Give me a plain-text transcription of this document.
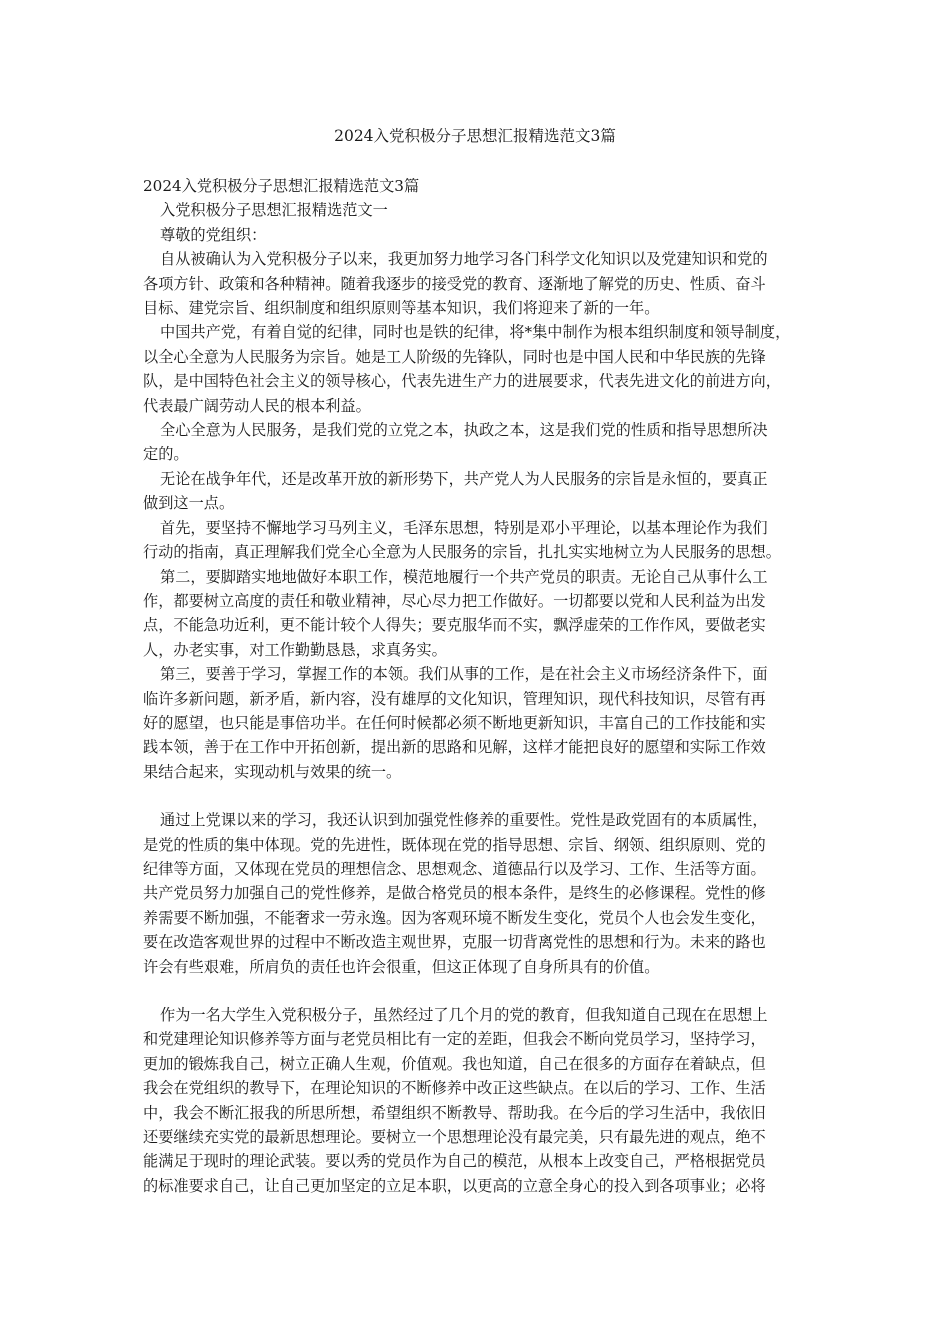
2024入党积极分子思想汇报精选范文3篇

2024入党积极分子思想汇报精选范文3篇

入党积极分子思想汇报精选范文一

尊敬的党组织：

自从被确认为入党积极分子以来，我更加努力地学习各门科学文化知识以及党建知识和党的

各项方针、政策和各种精神。随着我逐步的接受党的教育、逐渐地了解党的历史、性质、奋斗

目标、建党宗旨、组织制度和组织原则等基本知识，我们将迎来了新的一年。

中国共产党，有着自觉的纪律，同时也是铁的纪律，将*集中制作为根本组织制度和领导制度，

以全心全意为人民服务为宗旨。她是工人阶级的先锋队，同时也是中国人民和中华民族的先锋

队，是中国特色社会主义的领导核心，代表先进生产力的进展要求，代表先进文化的前进方向，

代表最广阔劳动人民的根本利益。

全心全意为人民服务，是我们党的立党之本，执政之本，这是我们党的性质和指导思想所决

定的。

无论在战争年代，还是改革开放的新形势下，共产党人为人民服务的宗旨是永恒的，要真正

做到这一点。

首先，要坚持不懈地学习马列主义，毛泽东思想，特别是邓小平理论，以基本理论作为我们

行动的指南，真正理解我们党全心全意为人民服务的宗旨，扎扎实实地树立为人民服务的思想。

第二，要脚踏实地地做好本职工作，模范地履行一个共产党员的职责。无论自己从事什么工

作，都要树立高度的责任和敬业精神，尽心尽力把工作做好。一切都要以党和人民利益为出发

点，不能急功近利，更不能计较个人得失；要克服华而不实，飘浮虚荣的工作作风，要做老实

人，办老实事，对工作勤勤恳恳，求真务实。

第三，要善于学习，掌握工作的本领。我们从事的工作，是在社会主义市场经济条件下，面

临许多新问题，新矛盾，新内容，没有雄厚的文化知识，管理知识，现代科技知识，尽管有再

好的愿望，也只能是事倍功半。在任何时候都必须不断地更新知识，丰富自己的工作技能和实

践本领，善于在工作中开拓创新，提出新的思路和见解，这样才能把良好的愿望和实际工作效

果结合起来，实现动机与效果的统一。

通过上党课以来的学习，我还认识到加强党性修养的重要性。党性是政党固有的本质属性，

是党的性质的集中体现。党的先进性，既体现在党的指导思想、宗旨、纲领、组织原则、党的

纪律等方面，又体现在党员的理想信念、思想观念、道德品行以及学习、工作、生活等方面。

共产党员努力加强自己的党性修养，是做合格党员的根本条件，是终生的必修课程。党性的修

养需要不断加强，不能奢求一劳永逸。因为客观环境不断发生变化，党员个人也会发生变化，

要在改造客观世界的过程中不断改造主观世界，克服一切背离党性的思想和行为。未来的路也

许会有些艰难，所肩负的责任也许会很重，但这正体现了自身所具有的价值。

作为一名大学生入党积极分子，虽然经过了几个月的党的教育，但我知道自己现在在思想上

和党建理论知识修养等方面与老党员相比有一定的差距，但我会不断向党员学习，坚持学习，

更加的锻炼我自己，树立正确人生观，价值观。我也知道，自己在很多的方面存在着缺点，但

我会在党组织的教导下，在理论知识的不断修养中改正这些缺点。在以后的学习、工作、生活

中，我会不断汇报我的所思所想，希望组织不断教导、帮助我。在今后的学习生活中，我依旧

还要继续充实党的最新思想理论。要树立一个思想理论没有最完美，只有最先进的观点，绝不

能满足于现时的理论武装。要以秀的党员作为自己的模范，从根本上改变自己，严格根据党员

的标准要求自己，让自己更加坚定的立足本职，以更高的立意全身心的投入到各项事业；必将
